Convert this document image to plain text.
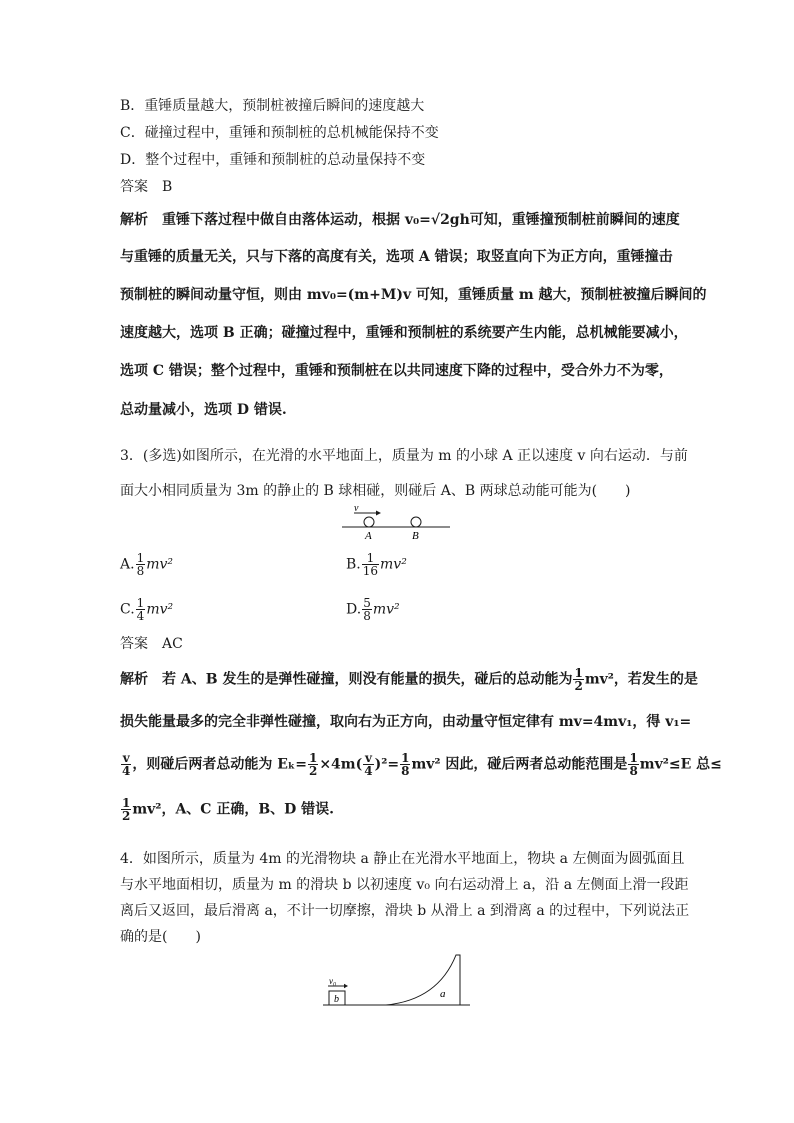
B．重锤质量越大，预制桩被撞后瞬间的速度越大
C．碰撞过程中，重锤和预制桩的总机械能保持不变
D．整个过程中，重锤和预制桩的总动量保持不变
答案　B
解析　重锤下落过程中做自由落体运动，根据 v₀=√2gh可知，重锤撞预制桩前瞬间的速度
与重锤的质量无关，只与下落的高度有关，选项 A 错误；取竖直向下为正方向，重锤撞击
预制桩的瞬间动量守恒，则由 mv₀=(m+M)v 可知，重锤质量 m 越大，预制桩被撞后瞬间的
速度越大，选项 B 正确；碰撞过程中，重锤和预制桩的系统要产生内能，总机械能要减小，
选项 C 错误；整个过程中，重锤和预制桩在以共同速度下降的过程中，受合外力不为零，
总动量减小，选项 D 错误.
3．(多选)如图所示，在光滑的水平地面上，质量为 m 的小球 A 正以速度 v 向右运动．与前
面大小相同质量为 3m 的静止的 B 球相碰，则碰后 A、B 两球总动能可能为(　　)
v
A	B
A. $\frac{1}{8} mv^2$	B. $\frac{1}{16} mv^2$
C. $\frac{1}{4} mv^2$	D. $\frac{5}{8} mv^2$
答案　AC
解析　若 A、B 发生的是弹性碰撞，则没有能量的损失，碰后的总动能为 $\frac{1}{2} mv^2$，若发生的是
损失能量最多的完全非弹性碰撞，取向右为正方向，由动量守恒定律有 mv=4mv₁，得 v₁=
$\frac{v}{4}$ ，则碰后两者总动能为 $E_k= \frac{1}{2} \times 4m( \frac{v}{4} )^2= \frac{1}{8} mv^2$ 因此，碰后两者总动能范围是 $\frac{1}{8} mv^2\le E$ 总≤
$\frac{1}{2} mv^2$，A、C 正确，B、D 错误.
4．如图所示，质量为 4m 的光滑物块 a 静止在光滑水平地面上，物块 a 左侧面为圆弧面且
与水平地面相切，质量为 m 的滑块 b 以初速度 v₀ 向右运动滑上 a，沿 a 左侧面上滑一段距
离后又返回，最后滑离 a，不计一切摩擦，滑块 b 从滑上 a 到滑离 a 的过程中，下列说法正
确的是(　　)
v₀
b	a
